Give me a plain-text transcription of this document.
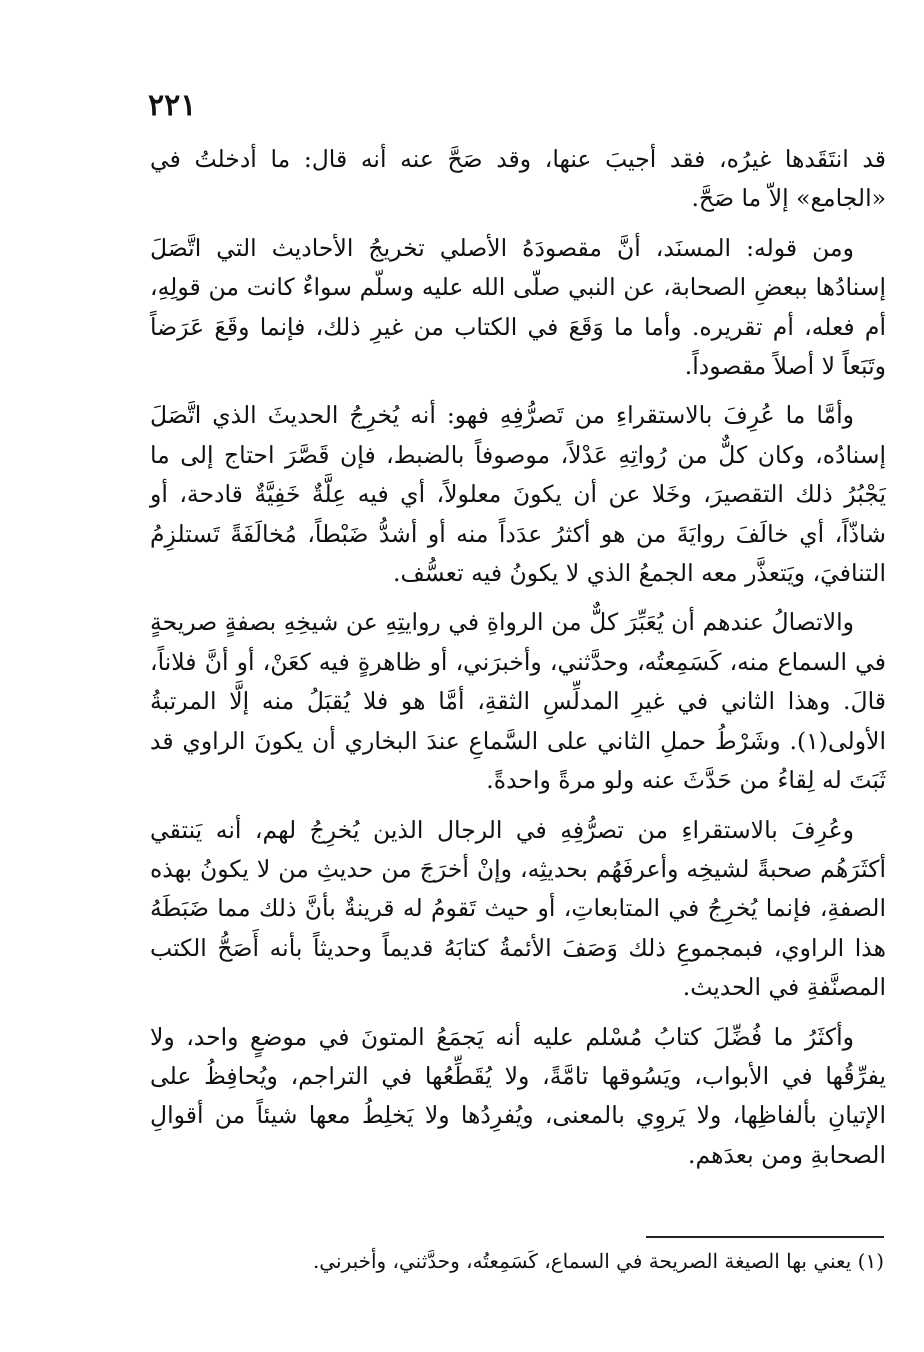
٢٢١

قد انتَقَدها غيرُه، فقد أجيبَ عنها، وقد صَحَّ عنه أنه قال: ما أدخلتُ في «الجامع» إلاّ ما صَحَّ.

ومن قوله: المسنَد، أنَّ مقصودَهُ الأصلي تخريجُ الأحاديث التي اتَّصَلَ إسنادُها ببعضِ الصحابة، عن النبي صلّى الله عليه وسلّم سواءٌ كانت من قولِهِ، أم فعله، أم تقريره. وأما ما وَقَعَ في الكتاب من غيرِ ذلك، فإنما وقَعَ عَرَضاً وتَبَعاً لا أصلاً مقصوداً.

وأمَّا ما عُرِفَ بالاستقراءِ من تَصرُّفِهِ فهو: أنه يُخرِجُ الحديثَ الذي اتَّصَلَ إسنادُه، وكان كلٌّ من رُواتِهِ عَدْلاً، موصوفاً بالضبط، فإن قَصَّرَ احتاج إلى ما يَجْبُرُ ذلك التقصيرَ، وخَلا عن أن يكونَ معلولاً، أي فيه عِلَّةٌ خَفِيَّةٌ قادحة، أو شاذّاً، أي خالَفَ روايَةَ من هو أكثرُ عدَداً منه أو أشدُّ ضَبْطاً، مُخالَفَةً تَستلزِمُ التنافيَ، ويَتعذَّر معه الجمعُ الذي لا يكونُ فيه تعسُّف.

والاتصالُ عندهم أن يُعَبِّرَ كلٌّ من الرواةِ في روايتِهِ عن شيخِهِ بصفةٍ صريحةٍ في السماع منه، كَسَمِعتُه، وحدَّثني، وأخبرَني، أو ظاهرةٍ فيه كعَنْ، أو أنَّ فلاناً، قالَ. وهذا الثاني في غيرِ المدلِّسِ الثقةِ، أمَّا هو فلا يُقبَلُ منه إلَّا المرتبةُ الأولى(١). وشَرْطُ حملِ الثاني على السَّماعِ عندَ البخاري أن يكونَ الراوي قد ثَبَتَ له لِقاءُ من حَدَّثَ عنه ولو مرةً واحدةً.

وعُرِفَ بالاستقراءِ من تصرُّفِهِ في الرجال الذين يُخرِجُ لهم، أنه يَنتقي أكثَرَهُم صحبةً لشيخِه وأعرفَهُم بحديثِه، وإنْ أخرَجَ من حديثِ من لا يكونُ بهذه الصفةِ، فإنما يُخرِجُ في المتابعاتِ، أو حيث تَقومُ له قرينةٌ بأنَّ ذلك مما ضَبَطَهُ هذا الراوي، فبمجموعِ ذلك وَصَفَ الأئمةُ كتابَهُ قديماً وحديثاً بأنه أَصَحُّ الكتب المصنَّفةِ في الحديث.

وأكثَرُ ما فُضِّلَ كتابُ مُسْلم عليه أنه يَجمَعُ المتونَ في موضعٍ واحد، ولا يفرِّقُها في الأبواب، ويَسُوقها تامَّةً، ولا يُقَطِّعُها في التراجم، ويُحافِظُ على الإتيانِ بألفاظِها، ولا يَروِي بالمعنى، ويُفرِدُها ولا يَخلِطُ معها شيئاً من أقوالِ الصحابةِ ومن بعدَهم.

(١) يعني بها الصيغة الصريحة في السماع، كَسَمِعتُه، وحدَّثني، وأخبرني.
